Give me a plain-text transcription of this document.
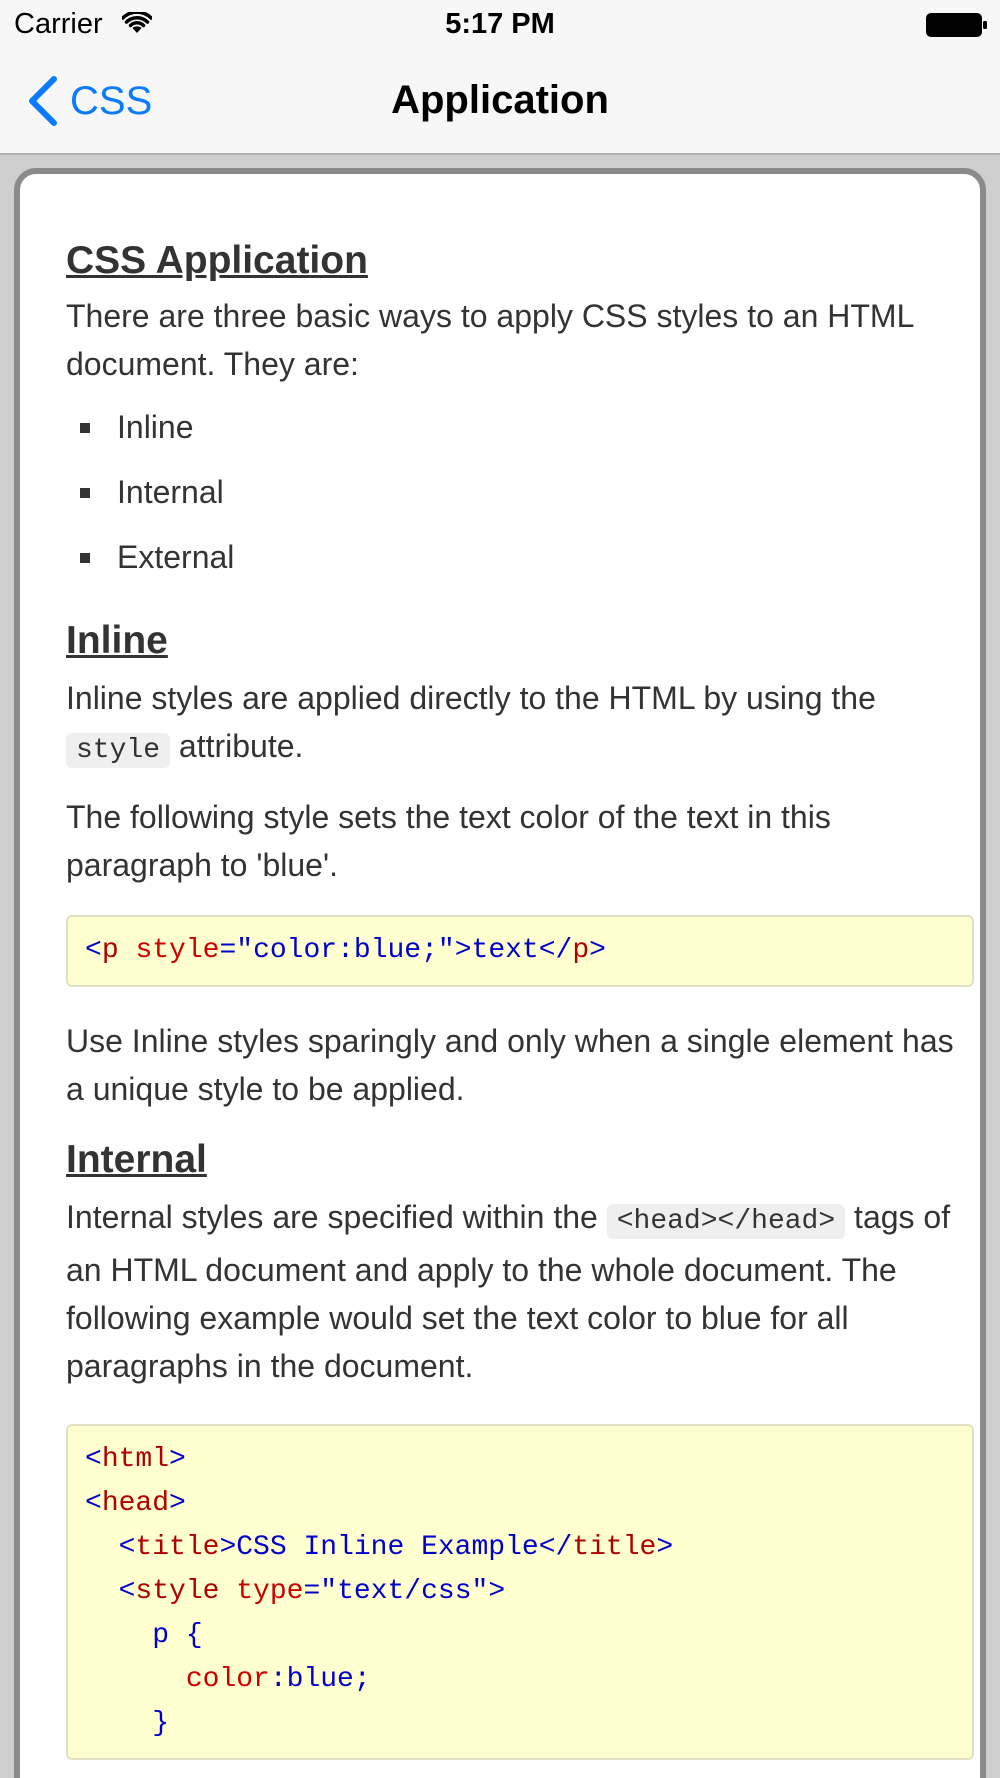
Carrier	5:17 PM
CSS	Application
CSS Application

There are three basic ways to apply CSS styles to an HTML document. They are:

Inline
Internal
External
Inline

Inline styles are applied directly to the HTML by using the style attribute.

The following style sets the text color of the text in this paragraph to 'blue'.

<p style="color:blue;">text</p>

Use Inline styles sparingly and only when a single element has a unique style to be applied.

Internal

Internal styles are specified within the <head></head> tags of an HTML document and apply to the whole document. The following example would set the text color to blue for all paragraphs in the document.

<html>
<head>
<title>CSS Inline Example</title>
<style type="text/css">
p {
color:blue;
}
